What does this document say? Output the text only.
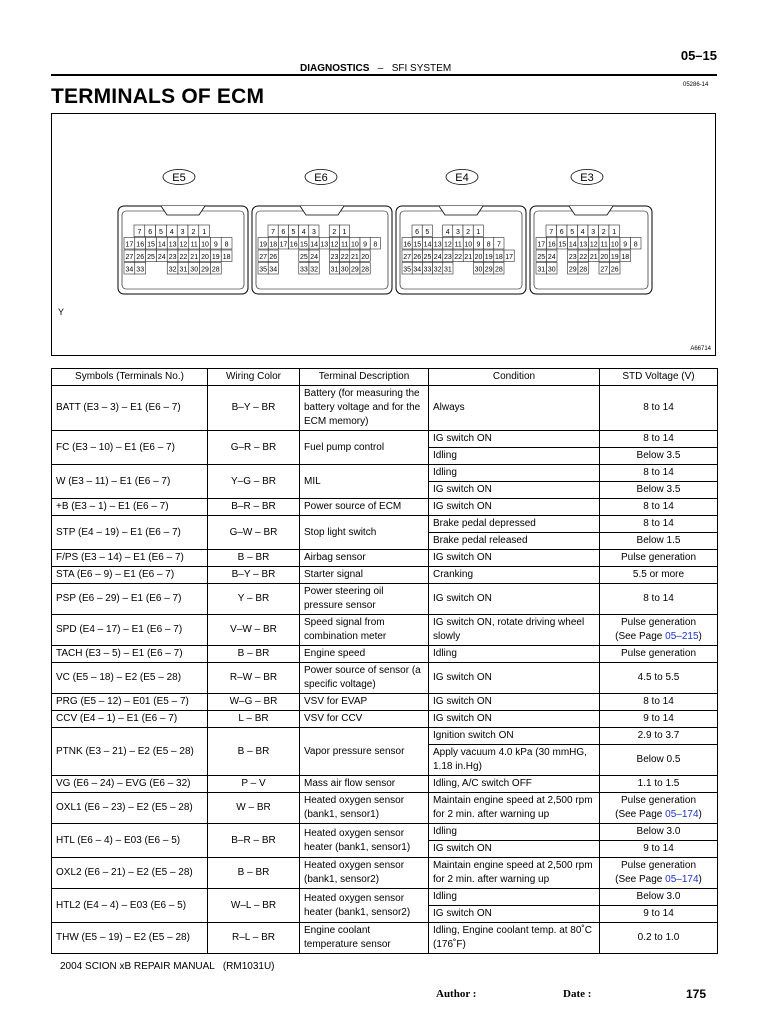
05–15
DIAGNOSTICS – SFI SYSTEM
05286-14
TERMINALS OF ECM
E5
7 6 5 4 3 2 1
17 16 15 14 13 12 11 10 9 8
27 26 25 24 23 22 21 20 19 18
34 33	32 31 30 29 28
E6
7 6 5 4 3 2 1
19 18 17 16 15 14 13 12 11 10 9 8
27 26	25 24 23 22 21 20
35 34	33 32 31 30 29 28
E4
6 5 4 3 2 1
16 15 14 13 12 11 10 9 8 7
27 26 25 24 23 22 21 20 19 18 17
35 34 33 32 31	30 29 28
E3
7 6 5 4 3 2 1
17 16 15 14 13 12 11 10 9 8
25 24 23 22 21 20 19 18
31 30 29 28 27 26
Y
A66714
Symbols (Terminals No.)	Wiring Color	Terminal Description	Condition	STD Voltage (V)
BATT (E3 – 3) – E1 (E6 – 7)	B–Y – BR	Battery (for measuring the battery voltage and for the ECM memory)	Always	8 to 14
FC (E3 – 10) – E1 (E6 – 7)	G–R – BR	Fuel pump control	IG switch ON	8 to 14
			Idling	Below 3.5
W (E3 – 11) – E1 (E6 – 7)	Y–G – BR	MIL	Idling	8 to 14
			IG switch ON	Below 3.5
+B (E3 – 1) – E1 (E6 – 7)	B–R – BR	Power source of ECM	IG switch ON	8 to 14
STP (E4 – 19) – E1 (E6 – 7)	G–W – BR	Stop light switch	Brake pedal depressed	8 to 14
			Brake pedal released	Below 1.5
F/PS (E3 – 14) – E1 (E6 – 7)	B – BR	Airbag sensor	IG switch ON	Pulse generation
STA (E6 – 9) – E1 (E6 – 7)	B–Y – BR	Starter signal	Cranking	5.5 or more
PSP (E6 – 29) – E1 (E6 – 7)	Y – BR	Power steering oil pressure sensor	IG switch ON	8 to 14
SPD (E4 – 17) – E1 (E6 – 7)	V–W – BR	Speed signal from combination meter	IG switch ON, rotate driving wheel slowly	Pulse generation
(See Page 05–215)
TACH (E3 – 5) – E1 (E6 – 7)	B – BR	Engine speed	Idling	Pulse generation
VC (E5 – 18) – E2 (E5 – 28)	R–W – BR	Power source of sensor (a specific voltage)	IG switch ON	4.5 to 5.5
PRG (E5 – 12) – E01 (E5 – 7)	W–G – BR	VSV for EVAP	IG switch ON	8 to 14
CCV (E4 – 1) – E1 (E6 – 7)	L – BR	VSV for CCV	IG switch ON	9 to 14
PTNK (E3 – 21) – E2 (E5 – 28)	B – BR	Vapor pressure sensor	Ignition switch ON	2.9 to 3.7
			Apply vacuum 4.0 kPa (30 mmHG, 1.18 in.Hg)	Below 0.5
VG (E6 – 24) – EVG (E6 – 32)	P – V	Mass air flow sensor	Idling, A/C switch OFF	1.1 to 1.5
OXL1 (E6 – 23) – E2 (E5 – 28)	W – BR	Heated oxygen sensor (bank1, sensor1)	Maintain engine speed at 2,500 rpm for 2 min. after warning up	Pulse generation
(See Page 05–174)
HTL (E6 – 4) – E03 (E6 – 5)	B–R – BR	Heated oxygen sensor heater (bank1, sensor1)	Idling	Below 3.0
			IG switch ON	9 to 14
OXL2 (E6 – 21) – E2 (E5 – 28)	B – BR	Heated oxygen sensor (bank1, sensor2)	Maintain engine speed at 2,500 rpm for 2 min. after warning up	Pulse generation
(See Page 05–174)
HTL2 (E4 – 4) – E03 (E6 – 5)	W–L – BR	Heated oxygen sensor heater (bank1, sensor2)	Idling	Below 3.0
			IG switch ON	9 to 14
THW (E5 – 19) – E2 (E5 – 28)	R–L – BR	Engine coolant temperature sensor	Idling, Engine coolant temp. at 80˚C (176˚F)	0.2 to 1.0
2004 SCION xB REPAIR MANUAL   (RM1031U)
Author :	Date :	175
